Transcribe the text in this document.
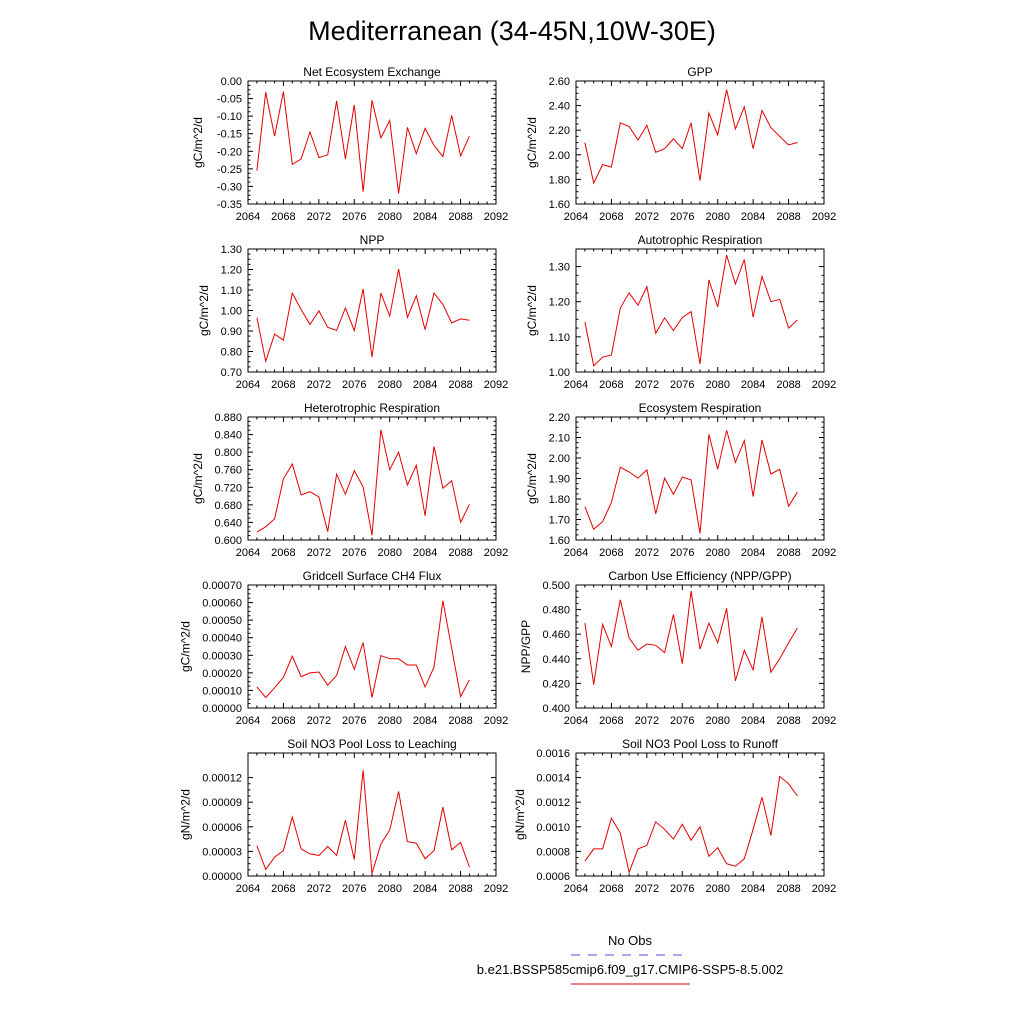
Mediterranean (34-45N,10W-30E)
Net Ecosystem Exchange
2064 2068 2072 2076 2080 2084 2088 2092
0.00
-0.05
-0.10
-0.15
-0.20
-0.25
-0.30
-0.35
gC/m^2/d
GPP
2064 2068 2072 2076 2080 2084 2088 2092
2.60
2.40
2.20
2.00
1.80
1.60
gC/m^2/d
NPP
2064 2068 2072 2076 2080 2084 2088 2092
1.30
1.20
1.10
1.00
0.90
0.80
0.70
gC/m^2/d
Autotrophic Respiration
2064 2068 2072 2076 2080 2084 2088 2092
1.30
1.20
1.10
1.00
gC/m^2/d
Heterotrophic Respiration
2064 2068 2072 2076 2080 2084 2088 2092
0.880
0.840
0.800
0.760
0.720
0.680
0.640
0.600
gC/m^2/d
Ecosystem Respiration
2064 2068 2072 2076 2080 2084 2088 2092
2.20
2.10
2.00
1.90
1.80
1.70
1.60
gC/m^2/d
Gridcell Surface CH4 Flux
2064 2068 2072 2076 2080 2084 2088 2092
0.00070
0.00060
0.00050
0.00040
0.00030
0.00020
0.00010
0.00000
gC/m^2/d
Carbon Use Efficiency (NPP/GPP)
2064 2068 2072 2076 2080 2084 2088 2092
0.500
0.480
0.460
0.440
0.420
0.400
NPP/GPP
Soil NO3 Pool Loss to Leaching
2064 2068 2072 2076 2080 2084 2088 2092
0.00012
0.00009
0.00006
0.00003
0.00000
gN/m^2/d
Soil NO3 Pool Loss to Runoff
2064 2068 2072 2076 2080 2084 2088 2092
0.0016
0.0014
0.0012
0.0010
0.0008
0.0006
gN/m^2/d
No Obs
b.e21.BSSP585cmip6.f09_g17.CMIP6-SSP5-8.5.002
